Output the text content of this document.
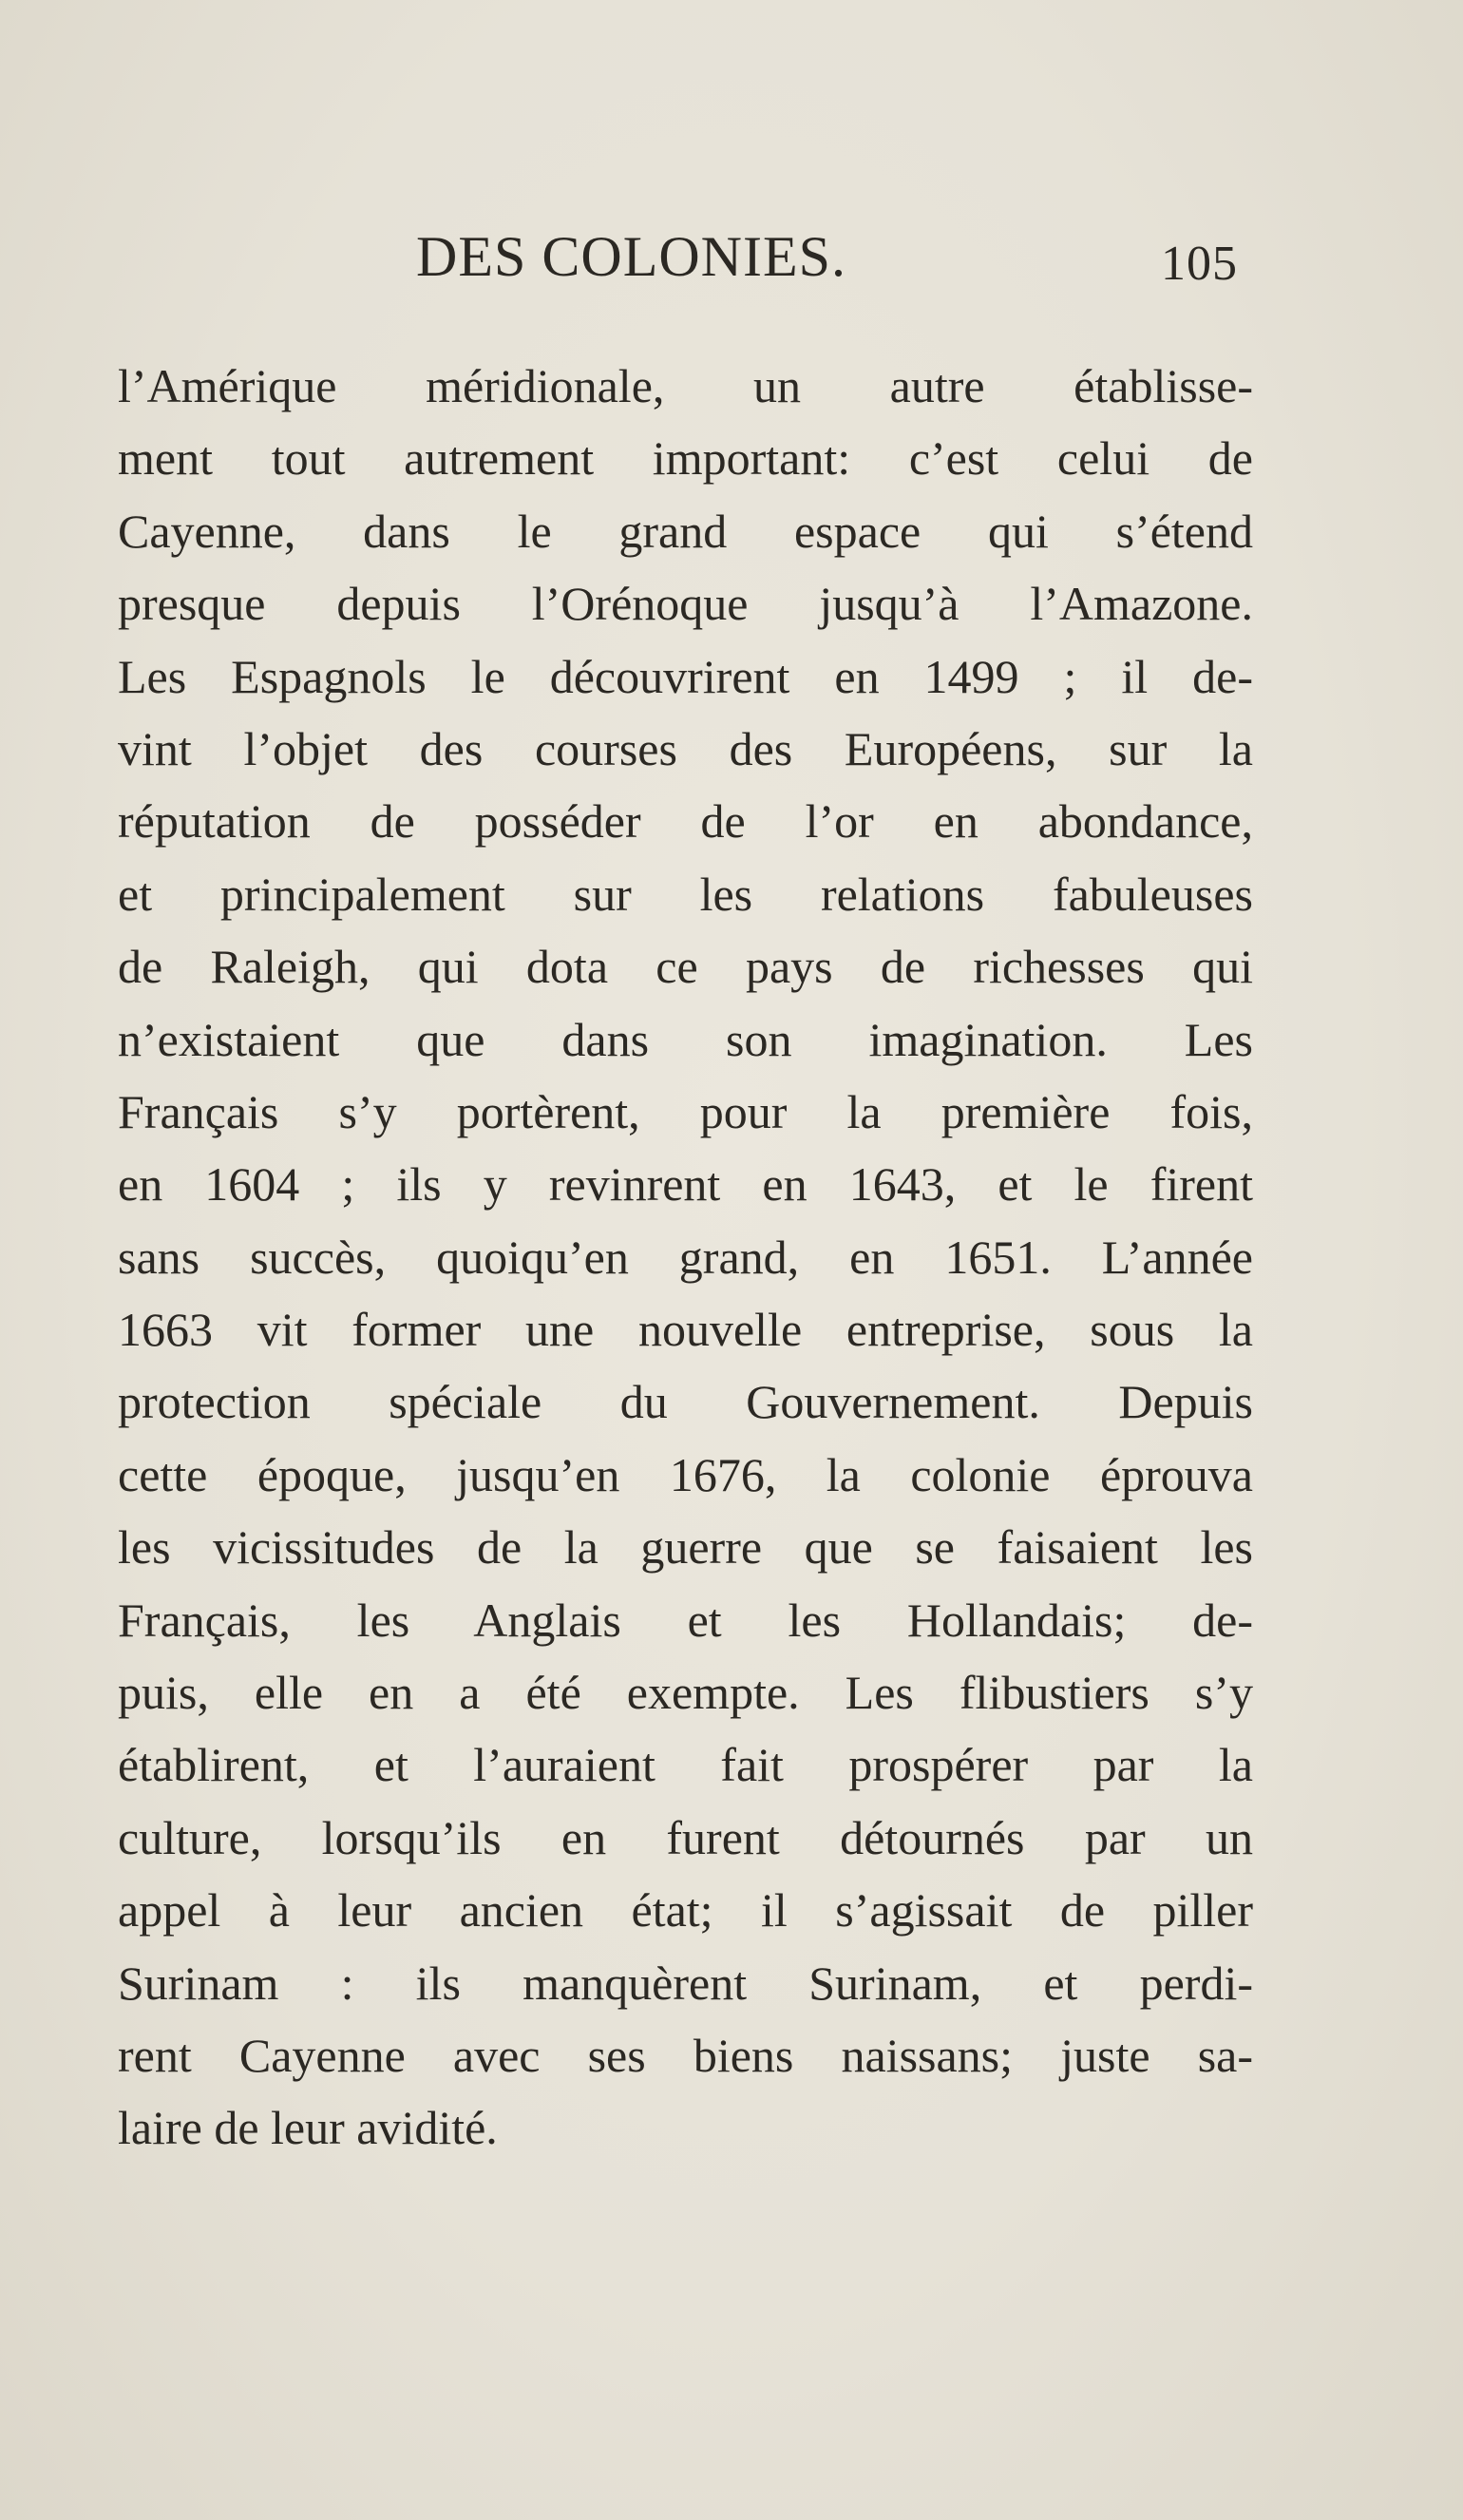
DES COLONIES.	105
l’Amérique méridionale, un autre établisse-
ment tout autrement important: c’est celui de
Cayenne, dans le grand espace qui s’étend
presque depuis l’Orénoque jusqu’à l’Amazone.
Les Espagnols le découvrirent en 1499 ; il de-
vint l’objet des courses des Européens, sur la
réputation de posséder de l’or en abondance,
et principalement sur les relations fabuleuses
de Raleigh, qui dota ce pays de richesses qui
n’existaient que dans son imagination. Les
Français s’y portèrent, pour la première fois,
en 1604 ; ils y revinrent en 1643, et le firent
sans succès, quoiqu’en grand, en 1651. L’année
1663 vit former une nouvelle entreprise, sous la
protection spéciale du Gouvernement. Depuis
cette époque, jusqu’en 1676, la colonie éprouva
les vicissitudes de la guerre que se faisaient les
Français, les Anglais et les Hollandais; de-
puis, elle en a été exempte. Les flibustiers s’y
établirent, et l’auraient fait prospérer par la
culture, lorsqu’ils en furent détournés par un
appel à leur ancien état; il s’agissait de piller
Surinam : ils manquèrent Surinam, et perdi-
rent Cayenne avec ses biens naissans; juste sa-
laire de leur avidité.
